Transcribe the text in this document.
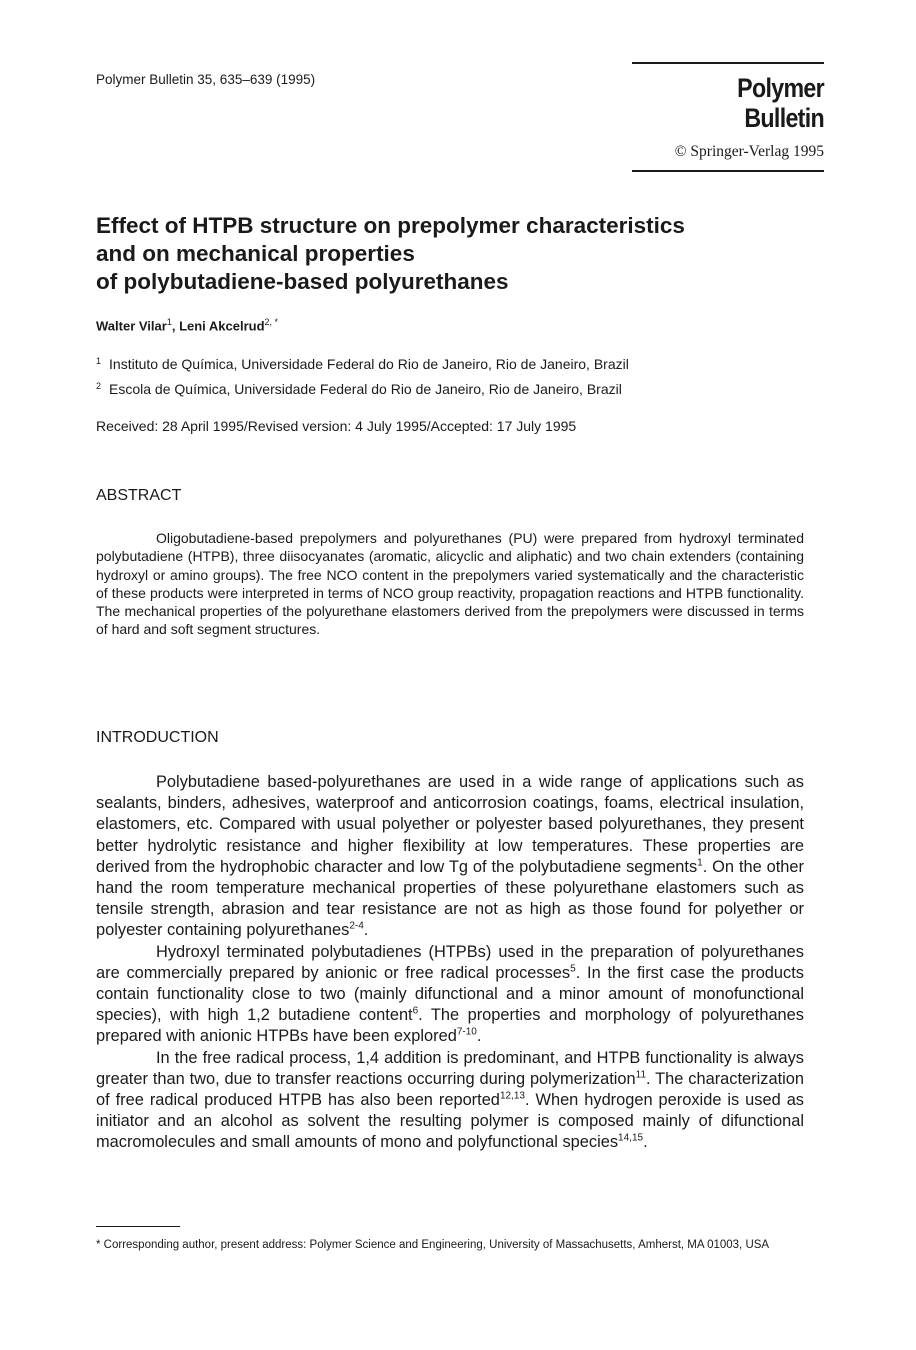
Polymer Bulletin 35, 635–639 (1995)	Polymer Bulletin
© Springer-Verlag 1995
Effect of HTPB structure on prepolymer characteristics
and on mechanical properties
of polybutadiene-based polyurethanes
Walter Vilar$^1$, Leni Akcelrud$^{2, *}$
$^1$ Instituto de Química, Universidade Federal do Rio de Janeiro, Rio de Janeiro, Brazil
$^2$ Escola de Química, Universidade Federal do Rio de Janeiro, Rio de Janeiro, Brazil
Received: 28 April 1995/Revised version: 4 July 1995/Accepted: 17 July 1995
ABSTRACT

Oligobutadiene-based prepolymers and polyurethanes (PU) were prepared from hydroxyl terminated polybutadiene (HTPB), three diisocyanates (aromatic, alicyclic and aliphatic) and two chain extenders (containing hydroxyl or amino groups). The free NCO content in the prepolymers varied systematically and the characteristic of these products were interpreted in terms of NCO group reactivity, propagation reactions and HTPB functionality. The mechanical properties of the polyurethane elastomers derived from the prepolymers were discussed in terms of hard and soft segment structures.

INTRODUCTION

Polybutadiene based-polyurethanes are used in a wide range of applications such as sealants, binders, adhesives, waterproof and anticorrosion coatings, foams, electrical insulation, elastomers, etc. Compared with usual polyether or polyester based polyurethanes, they present better hydrolytic resistance and higher flexibility at low temperatures. These properties are derived from the hydrophobic character and low Tg of the polybutadiene segments$^1$. On the other hand the room temperature mechanical properties of these polyurethane elastomers such as tensile strength, abrasion and tear resistance are not as high as those found for polyether or polyester containing polyurethanes$^{2-4}$.

Hydroxyl terminated polybutadienes (HTPBs) used in the preparation of polyurethanes are commercially prepared by anionic or free radical processes$^5$. In the first case the products contain functionality close to two (mainly difunctional and a minor amount of monofunctional species), with high 1,2 butadiene content$^6$. The properties and morphology of polyurethanes prepared with anionic HTPBs have been explored$^{7-10}$.

In the free radical process, 1,4 addition is predominant, and HTPB functionality is always greater than two, due to transfer reactions occurring during polymerization$^{11}$. The characterization of free radical produced HTPB has also been reported$^{12,13}$. When hydrogen peroxide is used as initiator and an alcohol as solvent the resulting polymer is composed mainly of difunctional macromolecules and small amounts of mono and polyfunctional species$^{14,15}$.

* Corresponding author, present address: Polymer Science and Engineering, University of Massachusetts, Amherst, MA 01003, USA
